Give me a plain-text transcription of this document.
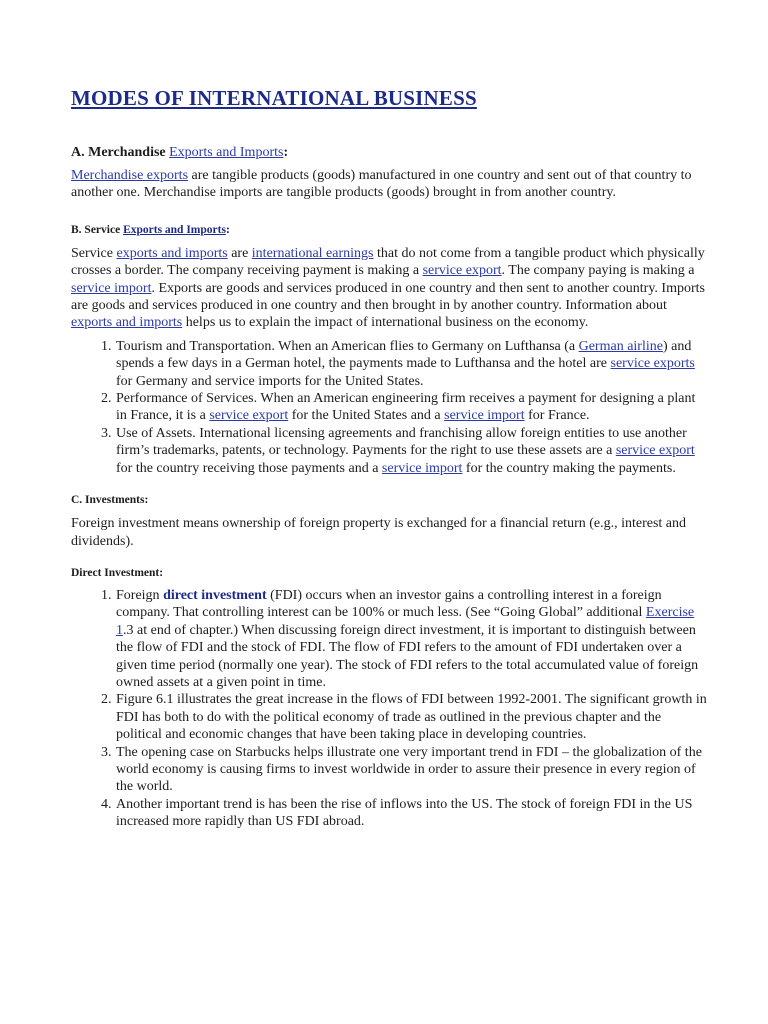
MODES OF INTERNATIONAL BUSINESS
A. Merchandise Exports and Imports:

Merchandise exports are tangible products (goods) manufactured in one country and sent out of that country to another one. Merchandise imports are tangible products (goods) brought in from another country.

B. Service Exports and Imports:

Service exports and imports are international earnings that do not come from a tangible product which physically crosses a border. The company receiving payment is making a service export. The company paying is making a service import. Exports are goods and services produced in one country and then sent to another country. Imports are goods and services produced in one country and then brought in by another country. Information about exports and imports helps us to explain the impact of international business on the economy.

1. Tourism and Transportation. When an American flies to Germany on Lufthansa (a German airline) and spends a few days in a German hotel, the payments made to Lufthansa and the hotel are service exports for Germany and service imports for the United States.
2. Performance of Services. When an American engineering firm receives a payment for designing a plant in France, it is a service export for the United States and a service import for France.
3. Use of Assets. International licensing agreements and franchising allow foreign entities to use another firm’s trademarks, patents, or technology. Payments for the right to use these assets are a service export for the country receiving those payments and a service import for the country making the payments.
C. Investments:

Foreign investment means ownership of foreign property is exchanged for a financial return (e.g., interest and dividends).

Direct Investment:
1. Foreign direct investment (FDI) occurs when an investor gains a controlling interest in a foreign company. That controlling interest can be 100% or much less. (See “Going Global” additional Exercise 1.3 at end of chapter.) When discussing foreign direct investment, it is important to distinguish between the flow of FDI and the stock of FDI. The flow of FDI refers to the amount of FDI undertaken over a given time period (normally one year). The stock of FDI refers to the total accumulated value of foreign owned assets at a given point in time.
2. Figure 6.1 illustrates the great increase in the flows of FDI between 1992-2001. The significant growth in FDI has both to do with the political economy of trade as outlined in the previous chapter and the political and economic changes that have been taking place in developing countries.
3. The opening case on Starbucks helps illustrate one very important trend in FDI – the globalization of the world economy is causing firms to invest worldwide in order to assure their presence in every region of the world.
4. Another important trend is has been the rise of inflows into the US. The stock of foreign FDI in the US increased more rapidly than US FDI abroad.
